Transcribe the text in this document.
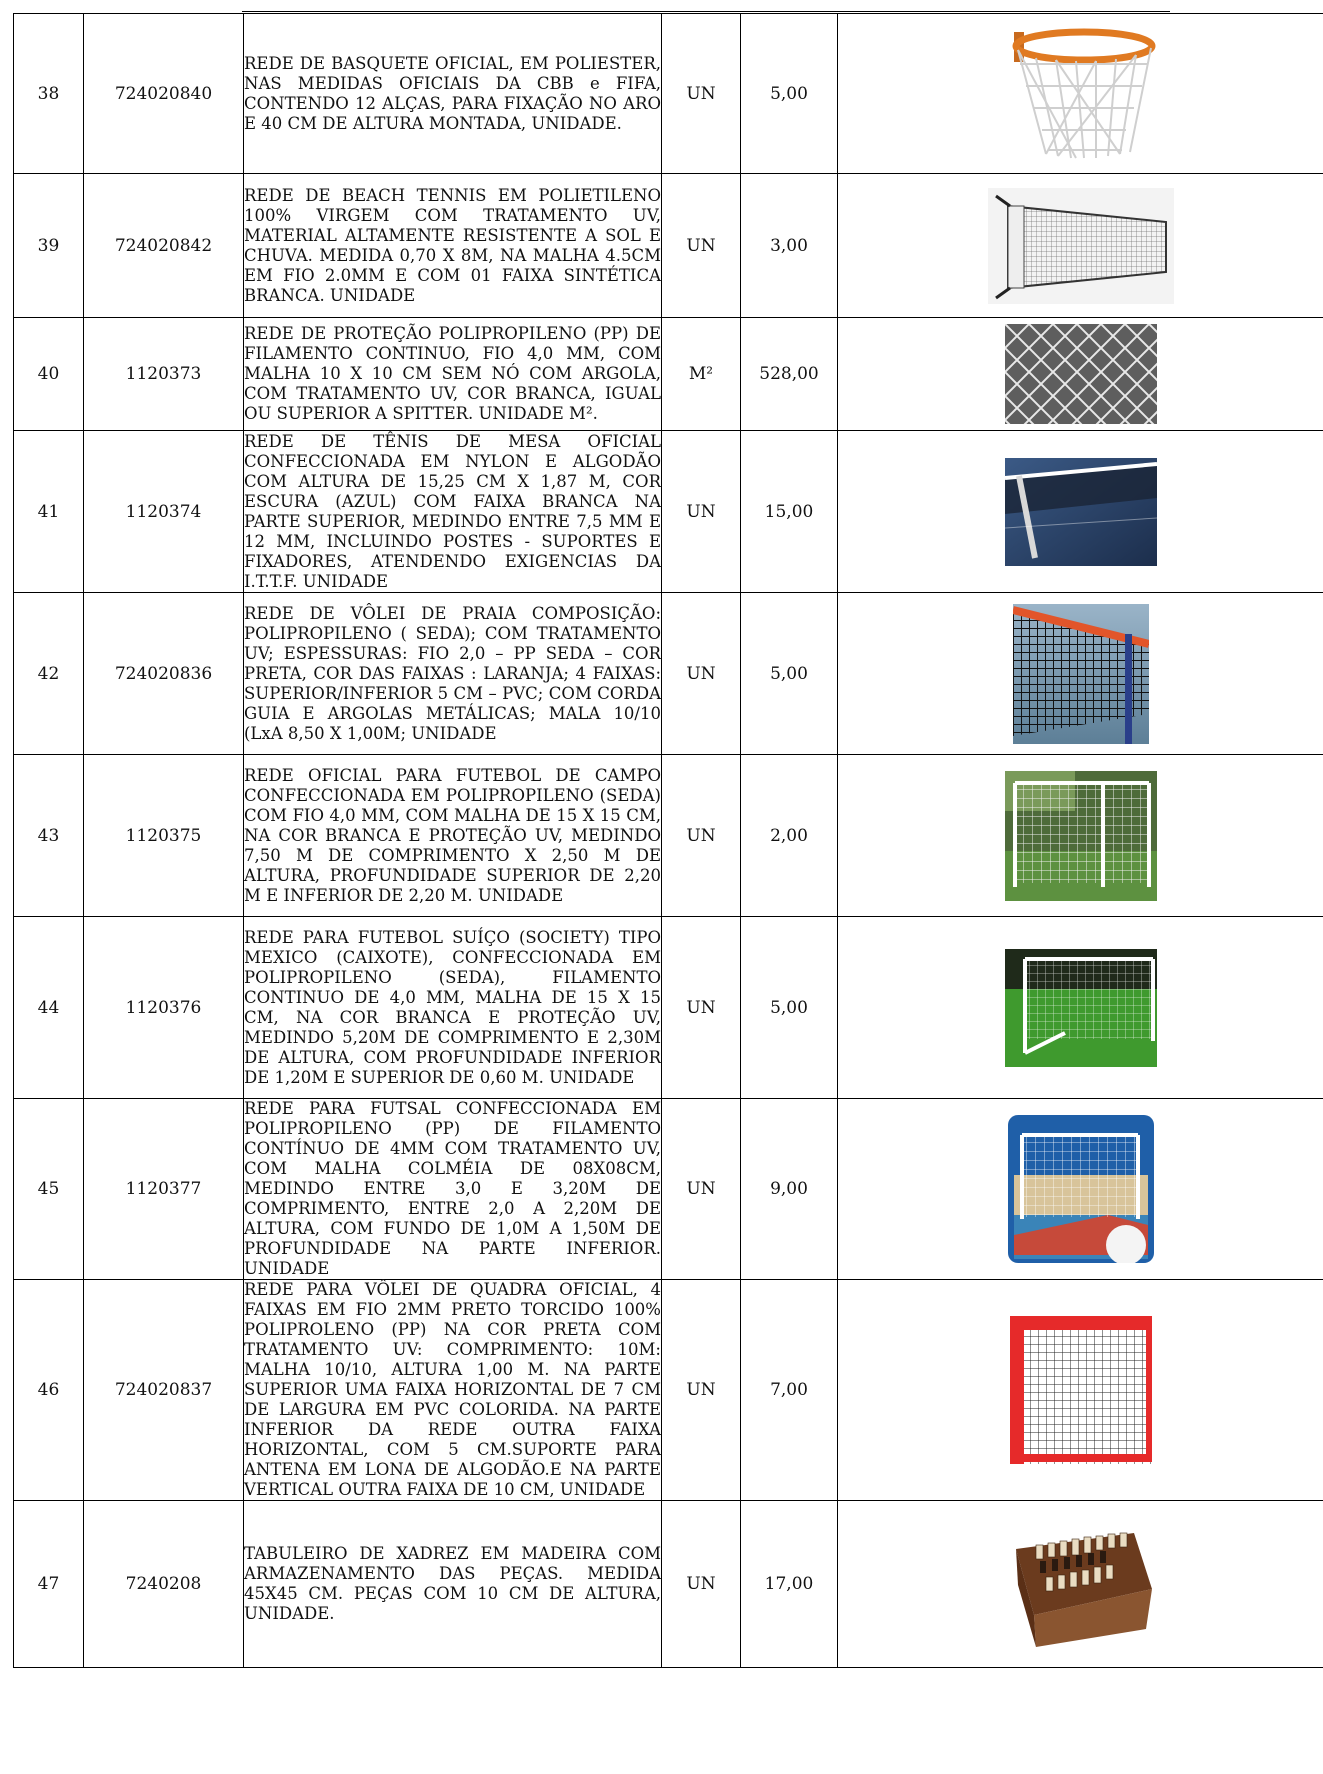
38	724020840	REDE DE BASQUETE OFICIAL, EM POLIESTER, NAS MEDIDAS OFICIAIS DA CBB e FIFA, CONTENDO 12 ALÇAS, PARA FIXAÇÃO NO ARO E 40 CM DE ALTURA MONTADA, UNIDADE.	UN	5,00	
39	724020842	REDE DE BEACH TENNIS EM POLIETILENO 100% VIRGEM COM TRATAMENTO UV, MATERIAL ALTAMENTE RESISTENTE A SOL E CHUVA. MEDIDA 0,70 X 8M, NA MALHA 4.5CM EM FIO 2.0MM E COM 01 FAIXA SINTÉTICA BRANCA. UNIDADE	UN	3,00	
40	1120373	REDE DE PROTEÇÃO POLIPROPILENO (PP) DE FILAMENTO CONTINUO, FIO 4,0 MM, COM MALHA 10 X 10 CM SEM NÓ COM ARGOLA, COM TRATAMENTO UV, COR BRANCA, IGUAL OU SUPERIOR A SPITTER. UNIDADE M².	M²	528,00	
41	1120374	REDE DE TÊNIS DE MESA OFICIAL CONFECCIONADA EM NYLON E ALGODÃO COM ALTURA DE 15,25 CM X 1,87 M, COR ESCURA (AZUL) COM FAIXA BRANCA NA PARTE SUPERIOR, MEDINDO ENTRE 7,5 MM E 12 MM, INCLUINDO POSTES - SUPORTES E FIXADORES, ATENDENDO EXIGENCIAS DA I.T.T.F. UNIDADE	UN	15,00	
42	724020836	REDE DE VÔLEI DE PRAIA COMPOSIÇÃO: POLIPROPILENO ( SEDA); COM TRATAMENTO UV; ESPESSURAS: FIO 2,0 – PP SEDA – COR PRETA, COR DAS FAIXAS : LARANJA; 4 FAIXAS: SUPERIOR/INFERIOR 5 CM – PVC; COM CORDA GUIA E ARGOLAS METÁLICAS; MALA 10/10 (LxA 8,50 X 1,00M; UNIDADE	UN	5,00	
43	1120375	REDE OFICIAL PARA FUTEBOL DE CAMPO CONFECCIONADA EM POLIPROPILENO (SEDA) COM FIO 4,0 MM, COM MALHA DE 15 X 15 CM, NA COR BRANCA E PROTEÇÃO UV, MEDINDO 7,50 M DE COMPRIMENTO X 2,50 M DE ALTURA, PROFUNDIDADE SUPERIOR DE 2,20 M E INFERIOR DE 2,20 M. UNIDADE	UN	2,00	
44	1120376	REDE PARA FUTEBOL SUÍÇO (SOCIETY) TIPO MEXICO (CAIXOTE), CONFECCIONADA EM POLIPROPILENO (SEDA), FILAMENTO CONTINUO DE 4,0 MM, MALHA DE 15 X 15 CM, NA COR BRANCA E PROTEÇÃO UV, MEDINDO 5,20M DE COMPRIMENTO E 2,30M DE ALTURA, COM PROFUNDIDADE INFERIOR DE 1,20M E SUPERIOR DE 0,60 M. UNIDADE	UN	5,00	
45	1120377	REDE PARA FUTSAL CONFECCIONADA EM POLIPROPILENO (PP) DE FILAMENTO CONTÍNUO DE 4MM COM TRATAMENTO UV, COM MALHA COLMÉIA DE 08X08CM, MEDINDO ENTRE 3,0 E 3,20M DE COMPRIMENTO, ENTRE 2,0 A 2,20M DE ALTURA, COM FUNDO DE 1,0M A 1,50M DE PROFUNDIDADE NA PARTE INFERIOR. UNIDADE	UN	9,00	
46	724020837	REDE PARA VÔLEI DE QUADRA OFICIAL, 4 FAIXAS EM FIO 2MM PRETO TORCIDO 100% POLIPROLENO (PP) NA COR PRETA COM TRATAMENTO UV: COMPRIMENTO: 10M: MALHA 10/10, ALTURA 1,00 M. NA PARTE SUPERIOR UMA FAIXA HORIZONTAL DE 7 CM DE LARGURA EM PVC COLORIDA. NA PARTE INFERIOR DA REDE OUTRA FAIXA HORIZONTAL, COM 5 CM.SUPORTE PARA ANTENA EM LONA DE ALGODÃO.E NA PARTE VERTICAL OUTRA FAIXA DE 10 CM, UNIDADE	UN	7,00	
47	7240208	TABULEIRO DE XADREZ EM MADEIRA COM ARMAZENAMENTO DAS PEÇAS. MEDIDA 45X45 CM. PEÇAS COM 10 CM DE ALTURA, UNIDADE.	UN	17,00	
